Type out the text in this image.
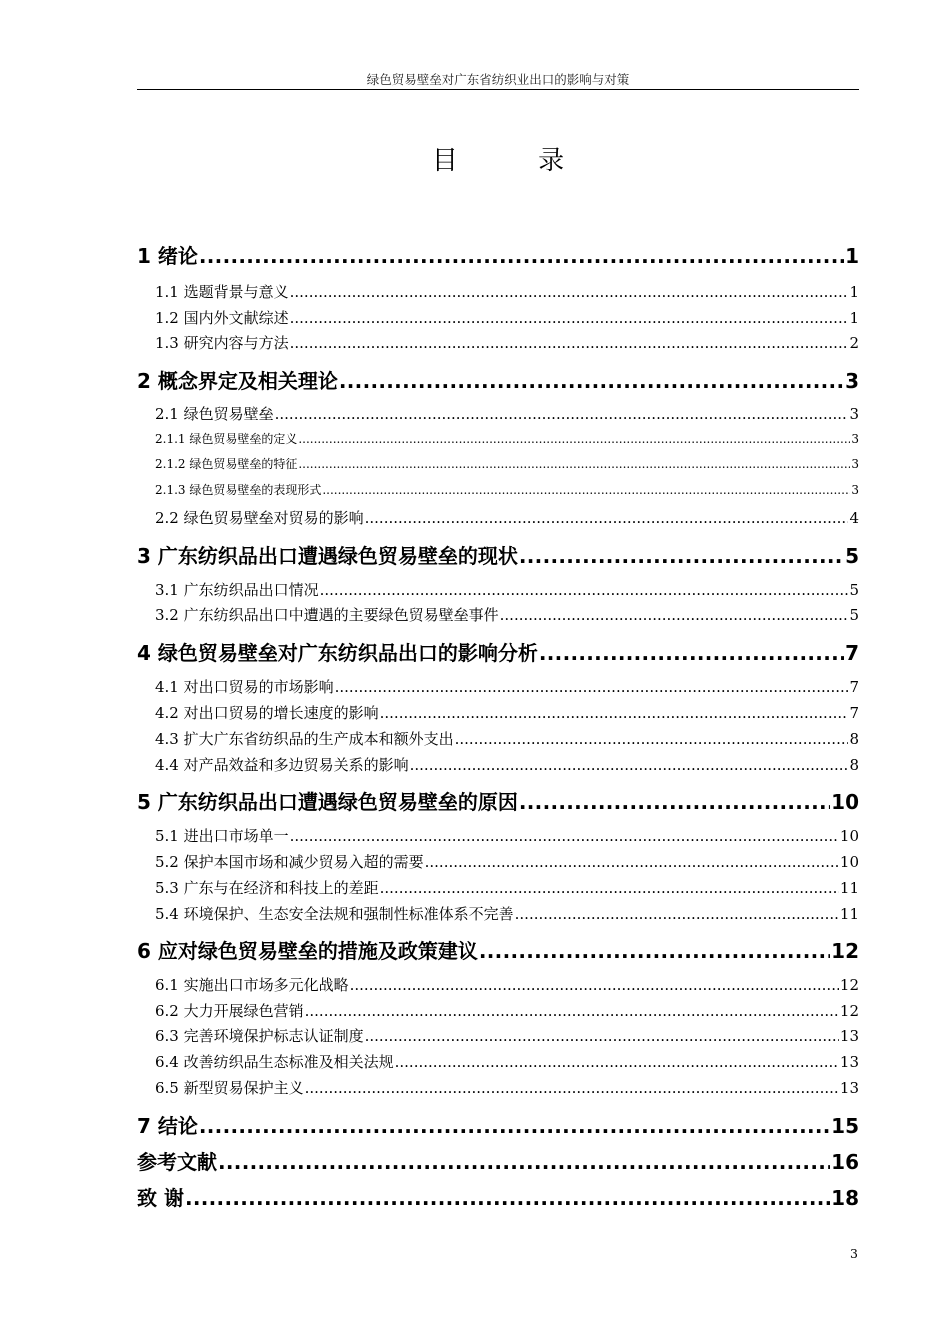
绿色贸易壁垒对广东省纺织业出口的影响与对策
目 录
1 绪论 .....	1
1.1 选题背景与意义 .....	1
1.2 国内外文献综述 .....	1
1.3 研究内容与方法 .....	2
2 概念界定及相关理论 .....	3
2.1 绿色贸易壁垒 .....	3
2.1.1 绿色贸易壁垒的定义 .....	3
2.1.2 绿色贸易壁垒的特征 .....	3
2.1.3 绿色贸易壁垒的表现形式 .....	3
2.2 绿色贸易壁垒对贸易的影响 .....	4
3 广东纺织品出口遭遇绿色贸易壁垒的现状 .....	5
3.1 广东纺织品出口情况 .....	5
3.2 广东纺织品出口中遭遇的主要绿色贸易壁垒事件 .....	5
4 绿色贸易壁垒对广东纺织品出口的影响分析 .....	7
4.1 对出口贸易的市场影响 .....	7
4.2 对出口贸易的增长速度的影响 .....	7
4.3 扩大广东省纺织品的生产成本和额外支出 .....	8
4.4 对产品效益和多边贸易关系的影响 .....	8
5 广东纺织品出口遭遇绿色贸易壁垒的原因 .....	10
5.1 进出口市场单一 .....	10
5.2 保护本国市场和减少贸易入超的需要 .....	10
5.3 广东与在经济和科技上的差距 .....	11
5.4 环境保护、生态安全法规和强制性标准体系不完善 .....	11
6 应对绿色贸易壁垒的措施及政策建议 .....	12
6.1 实施出口市场多元化战略 .....	12
6.2 大力开展绿色营销 .....	12
6.3 完善环境保护标志认证制度 .....	13
6.4 改善纺织品生态标准及相关法规 .....	13
6.5 新型贸易保护主义 .....	13
7 结论 .....	15
参考文献 .....	16
致 谢 .....	18
3
